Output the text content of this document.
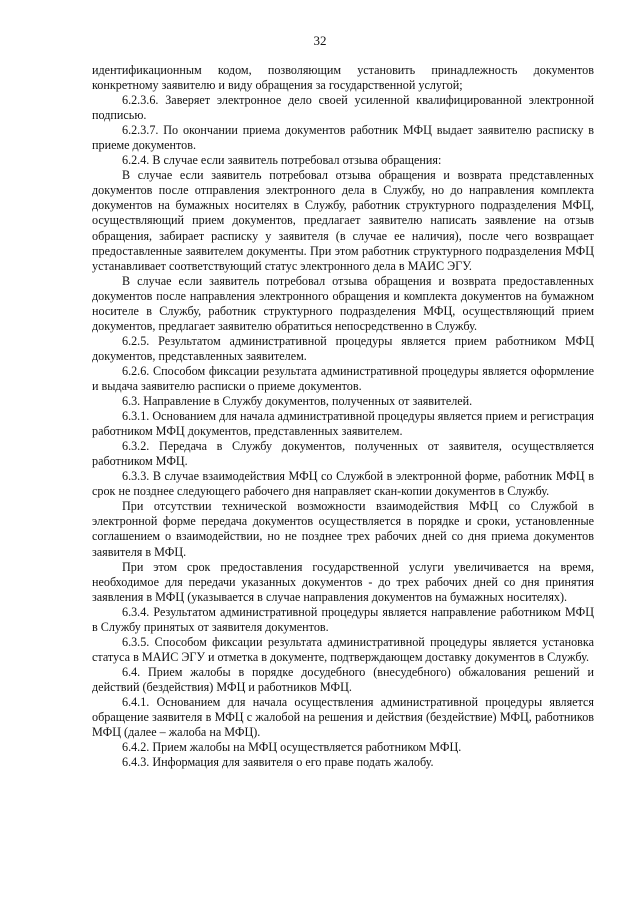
32

идентификационным кодом, позволяющим установить принадлежность документов конкретному заявителю и виду обращения за государственной услугой;

6.2.3.6. Заверяет электронное дело своей усиленной квалифицированной электронной подписью.

6.2.3.7. По окончании приема документов работник МФЦ выдает заявителю расписку в приеме документов.

6.2.4. В случае если заявитель потребовал отзыва обращения:

В случае если заявитель потребовал отзыва обращения и возврата представленных документов после отправления электронного дела в Службу, но до направления комплекта документов на бумажных носителях в Службу, работник структурного подразделения МФЦ, осуществляющий прием документов, предлагает заявителю написать заявление на отзыв обращения, забирает расписку у заявителя (в случае ее наличия), после чего возвращает предоставленные заявителем документы. При этом работник структурного подразделения МФЦ устанавливает соответствующий статус электронного дела в МАИС ЭГУ.

В случае если заявитель потребовал отзыва обращения и возврата предоставленных документов после направления электронного обращения и комплекта документов на бумажном носителе в Службу, работник структурного подразделения МФЦ, осуществляющий прием документов, предлагает заявителю обратиться непосредственно в Службу.

6.2.5. Результатом административной процедуры является прием работником МФЦ документов, представленных заявителем.

6.2.6. Способом фиксации результата административной процедуры является оформление и выдача заявителю расписки о приеме документов.

6.3. Направление в Службу документов, полученных от заявителей.

6.3.1. Основанием для начала административной процедуры является прием и регистрация работником МФЦ документов, представленных заявителем.

6.3.2. Передача в Службу документов, полученных от заявителя, осуществляется работником МФЦ.

6.3.3. В случае взаимодействия МФЦ со Службой в электронной форме, работник МФЦ в срок не позднее следующего рабочего дня направляет скан-копии документов в Службу.

При отсутствии технической возможности взаимодействия МФЦ со Службой в электронной форме передача документов осуществляется в порядке и сроки, установленные соглашением о взаимодействии, но не позднее трех рабочих дней со дня приема документов заявителя в МФЦ.

При этом срок предоставления государственной услуги увеличивается на время, необходимое для передачи указанных документов - до трех рабочих дней со дня принятия заявления в МФЦ (указывается в случае направления документов на бумажных носителях).

6.3.4. Результатом административной процедуры является направление работником МФЦ в Службу принятых от заявителя документов.

6.3.5. Способом фиксации результата административной процедуры является установка статуса в МАИС ЭГУ и отметка в документе, подтверждающем доставку документов в Службу.

6.4. Прием жалобы в порядке досудебного (внесудебного) обжалования решений и действий (бездействия) МФЦ и работников МФЦ.

6.4.1. Основанием для начала осуществления административной процедуры является обращение заявителя в МФЦ с жалобой на решения и действия (бездействие) МФЦ, работников МФЦ (далее – жалоба на МФЦ).

6.4.2. Прием жалобы на МФЦ осуществляется работником МФЦ.

6.4.3. Информация для заявителя о его праве подать жалобу.
